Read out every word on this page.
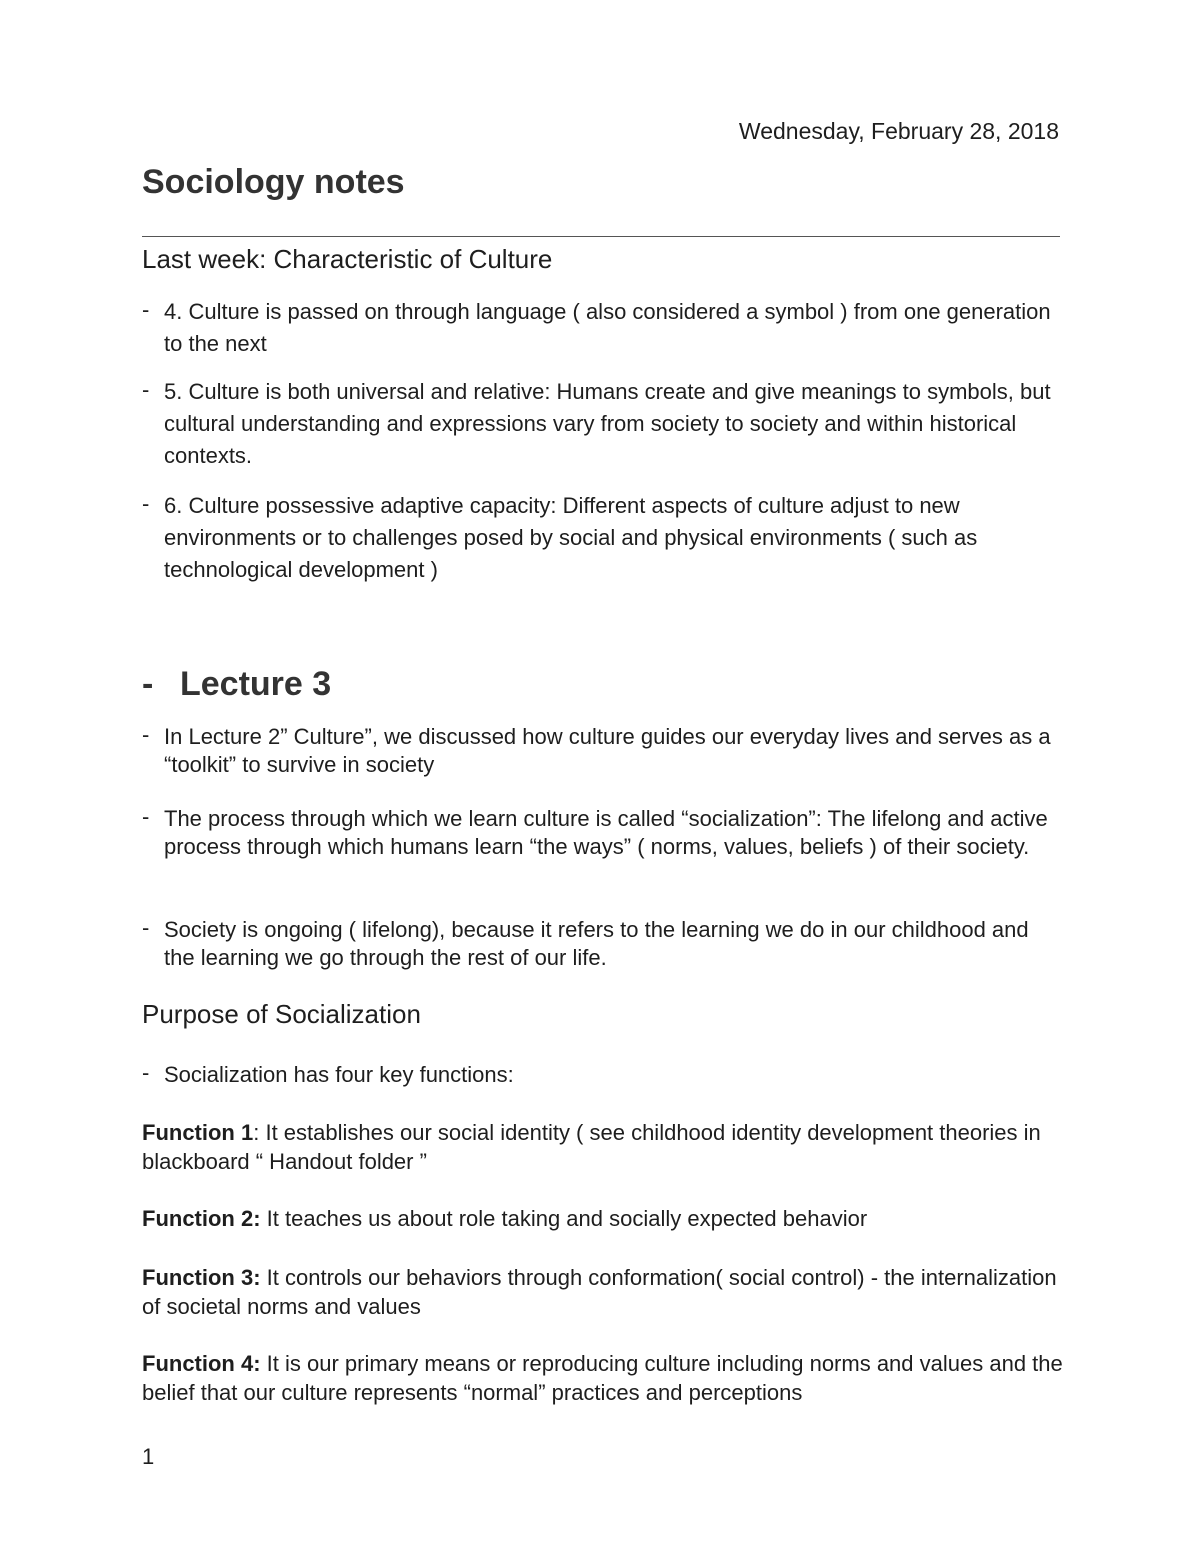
Wednesday, February 28, 2018
Sociology notes
Last week: Characteristic of Culture
- 4. Culture is passed on through language ( also considered a symbol ) from one generation to the next
- 5. Culture is both universal and relative: Humans create and give meanings to symbols, but cultural understanding and expressions vary from society to society and within historical contexts.
- 6. Culture possessive adaptive capacity: Different aspects of culture adjust to new environments or to challenges posed by social and physical environments ( such as technological development )
- Lecture 3
- In Lecture 2” Culture”, we discussed how culture guides our everyday lives and serves as a “toolkit” to survive in society
- The process through which we learn culture is called “socialization”: The lifelong and active process through which humans learn “the ways” ( norms, values, beliefs ) of their society.
- Society is ongoing ( lifelong), because it refers to the learning we do in our childhood and the learning we go through the rest of our life.
Purpose of Socialization
- Socialization has four key functions:
Function 1: It establishes our social identity ( see childhood identity development theories in blackboard “ Handout folder ”
Function 2: It teaches us about role taking and socially expected behavior
Function 3: It controls our behaviors through conformation( social control) - the internalization of societal norms and values
Function 4: It is our primary means or reproducing culture including norms and values and the belief that our culture represents “normal” practices and perceptions
1
